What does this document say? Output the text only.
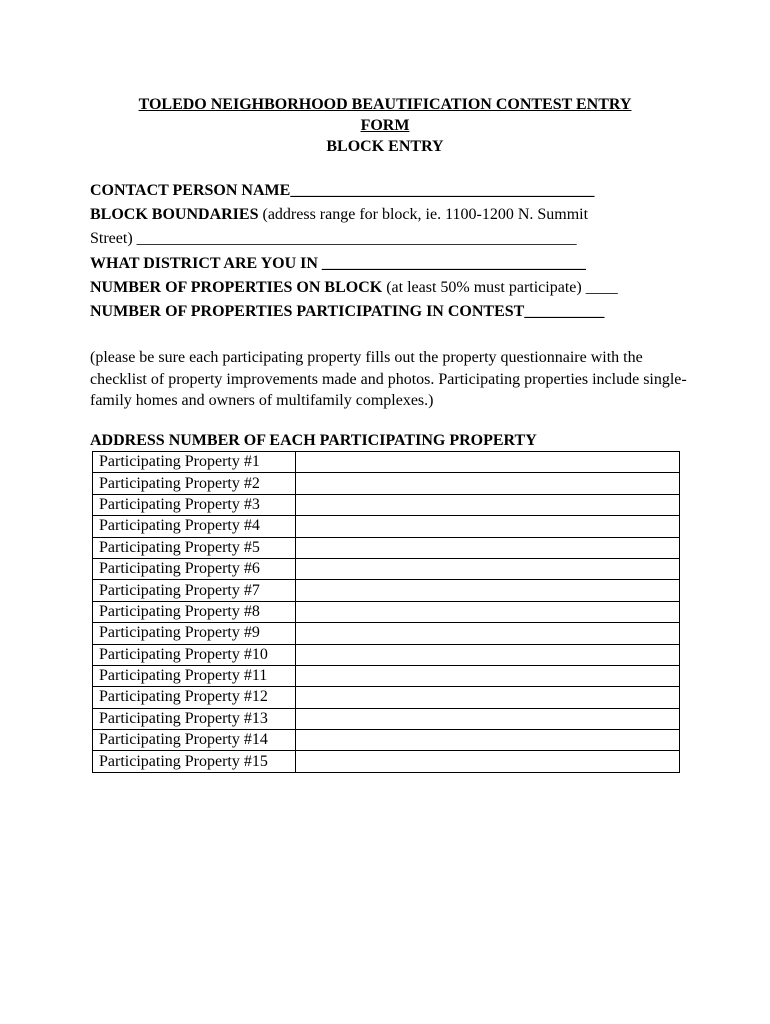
TOLEDO NEIGHBORHOOD BEAUTIFICATION CONTEST ENTRY
FORM
BLOCK ENTRY
CONTACT PERSON NAME______________________________________
BLOCK BOUNDARIES (address range for block, ie. 1100-1200 N. Summit
Street) _______________________________________________________
WHAT DISTRICT ARE YOU IN _________________________________
NUMBER OF PROPERTIES ON BLOCK (at least 50% must participate) ____
NUMBER OF PROPERTIES PARTICIPATING IN CONTEST__________
(please be sure each participating property fills out the property questionnaire with the checklist of property improvements made and photos. Participating properties include single-family homes and owners of multifamily complexes.)
ADDRESS NUMBER OF EACH PARTICIPATING PROPERTY
Participating Property #1	
Participating Property #2	
Participating Property #3	
Participating Property #4	
Participating Property #5	
Participating Property #6	
Participating Property #7	
Participating Property #8	
Participating Property #9	
Participating Property #10	
Participating Property #11	
Participating Property #12	
Participating Property #13	
Participating Property #14	
Participating Property #15	
